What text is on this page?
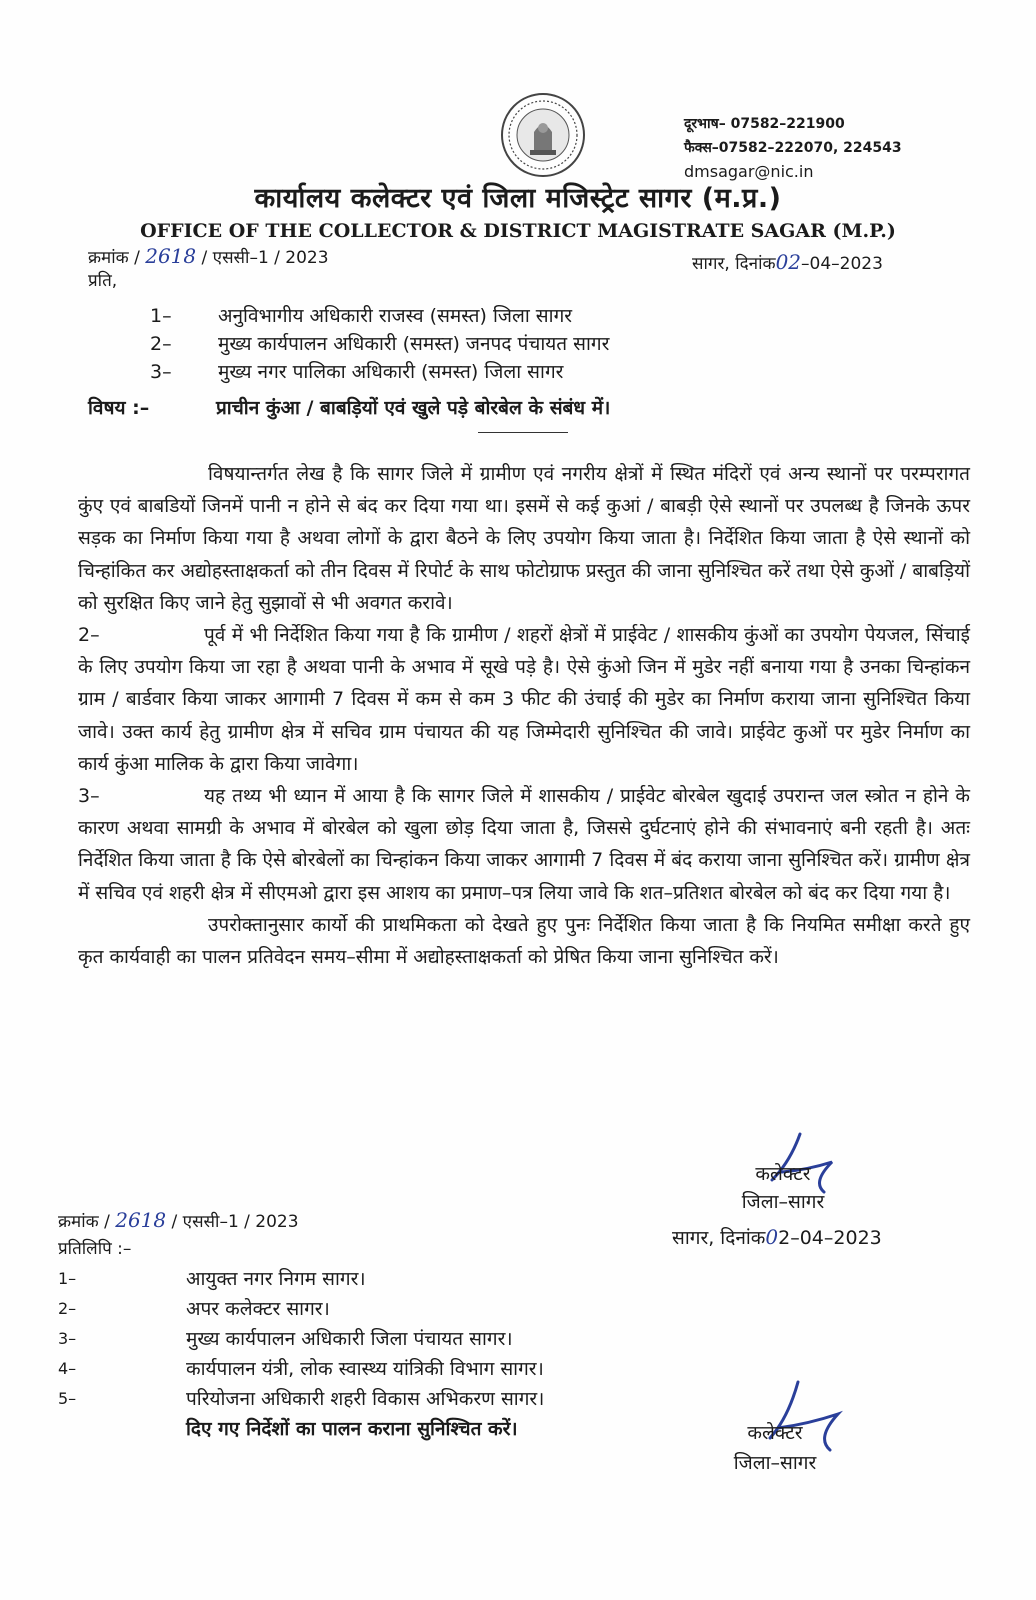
दूरभाष– 07582–221900
फैक्स–07582–222070, 224543
dmsagar@nic.in
कार्यालय कलेक्टर एवं जिला मजिस्ट्रेट सागर (म.प्र.)
OFFICE OF THE COLLECTOR & DISTRICT MAGISTRATE SAGAR (M.P.)
क्रमांक / 2618 / एससी–1 / 2023	सागर, दिनांक02–04–2023
प्रति,
1– अनुविभागीय अधिकारी राजस्व (समस्त) जिला सागर
2– मुख्य कार्यपालन अधिकारी (समस्त) जनपद पंचायत सागर
3– मुख्य नगर पालिका अधिकारी (समस्त) जिला सागर
विषय :–	प्राचीन कुंआ / बाबड़ियों एवं खुले पड़े बोरबेल के संबंध में।

विषयान्तर्गत लेख है कि सागर जिले में ग्रामीण एवं नगरीय क्षेत्रों में स्थित मंदिरों एवं अन्य स्थानों पर परम्परागत कुंए एवं बाबडियों जिनमें पानी न होने से बंद कर दिया गया था। इसमें से कई कुआं / बाबड़ी ऐसे स्थानों पर उपलब्ध है जिनके ऊपर सड़क का निर्माण किया गया है अथवा लोगों के द्वारा बैठने के लिए उपयोग किया जाता है। निर्देशित किया जाता है ऐसे स्थानों को चिन्हांकित कर अद्योहस्ताक्षकर्ता को तीन दिवस में रिपोर्ट के साथ फोटोग्राफ प्रस्तुत की जाना सुनिश्चित करें तथा ऐसे कुओं / बाबड़ियों को सुरक्षित किए जाने हेतु सुझावों से भी अवगत करावे।

2–	पूर्व में भी निर्देशित किया गया है कि ग्रामीण / शहरों क्षेत्रों में प्राईवेट / शासकीय कुंओं का उपयोग पेयजल, सिंचाई के लिए उपयोग किया जा रहा है अथवा पानी के अभाव में सूखे पड़े है। ऐसे कुंओ जिन में मुडेर नहीं बनाया गया है उनका चिन्हांकन ग्राम / बार्डवार किया जाकर आगामी 7 दिवस में कम से कम 3 फीट की उंचाई की मुडेर का निर्माण कराया जाना सुनिश्चित किया जावे। उक्त कार्य हेतु ग्रामीण क्षेत्र में सचिव ग्राम पंचायत की यह जिम्मेदारी सुनिश्चित की जावे। प्राईवेट कुओं पर मुडेर निर्माण का कार्य कुंआ मालिक के द्वारा किया जावेगा।

3–	यह तथ्य भी ध्यान में आया है कि सागर जिले में शासकीय / प्राईवेट बोरबेल खुदाई उपरान्त जल स्त्रोत न होने के कारण अथवा सामग्री के अभाव में बोरबेल को खुला छोड़ दिया जाता है, जिससे दुर्घटनाएं होने की संभावनाएं बनी रहती है। अतः निर्देशित किया जाता है कि ऐसे बोरबेलों का चिन्हांकन किया जाकर आगामी 7 दिवस में बंद कराया जाना सुनिश्चित करें। ग्रामीण क्षेत्र में सचिव एवं शहरी क्षेत्र में सीएमओ द्वारा इस आशय का प्रमाण–पत्र लिया जावे कि शत–प्रतिशत बोरबेल को बंद कर दिया गया है।

उपरोक्तानुसार कार्यो की प्राथमिकता को देखते हुए पुनः निर्देशित किया जाता है कि नियमित समीक्षा करते हुए कृत कार्यवाही का पालन प्रतिवेदन समय–सीमा में अद्योहस्ताक्षकर्ता को प्रेषित किया जाना सुनिश्चित करें।

कलेक्टर
जिला–सागर
सागर, दिनांक02–04–2023
क्रमांक / 2618 / एससी–1 / 2023
प्रतिलिपि :–
1–	आयुक्त नगर निगम सागर।
2–	अपर कलेक्टर सागर।
3–	मुख्य कार्यपालन अधिकारी जिला पंचायत सागर।
4–	कार्यपालन यंत्री, लोक स्वास्थ्य यांत्रिकी विभाग सागर।
5–	परियोजना अधिकारी शहरी विकास अभिकरण सागर।
दिए गए निर्देशों का पालन कराना सुनिश्चित करें।	कलेक्टर
जिला–सागर
